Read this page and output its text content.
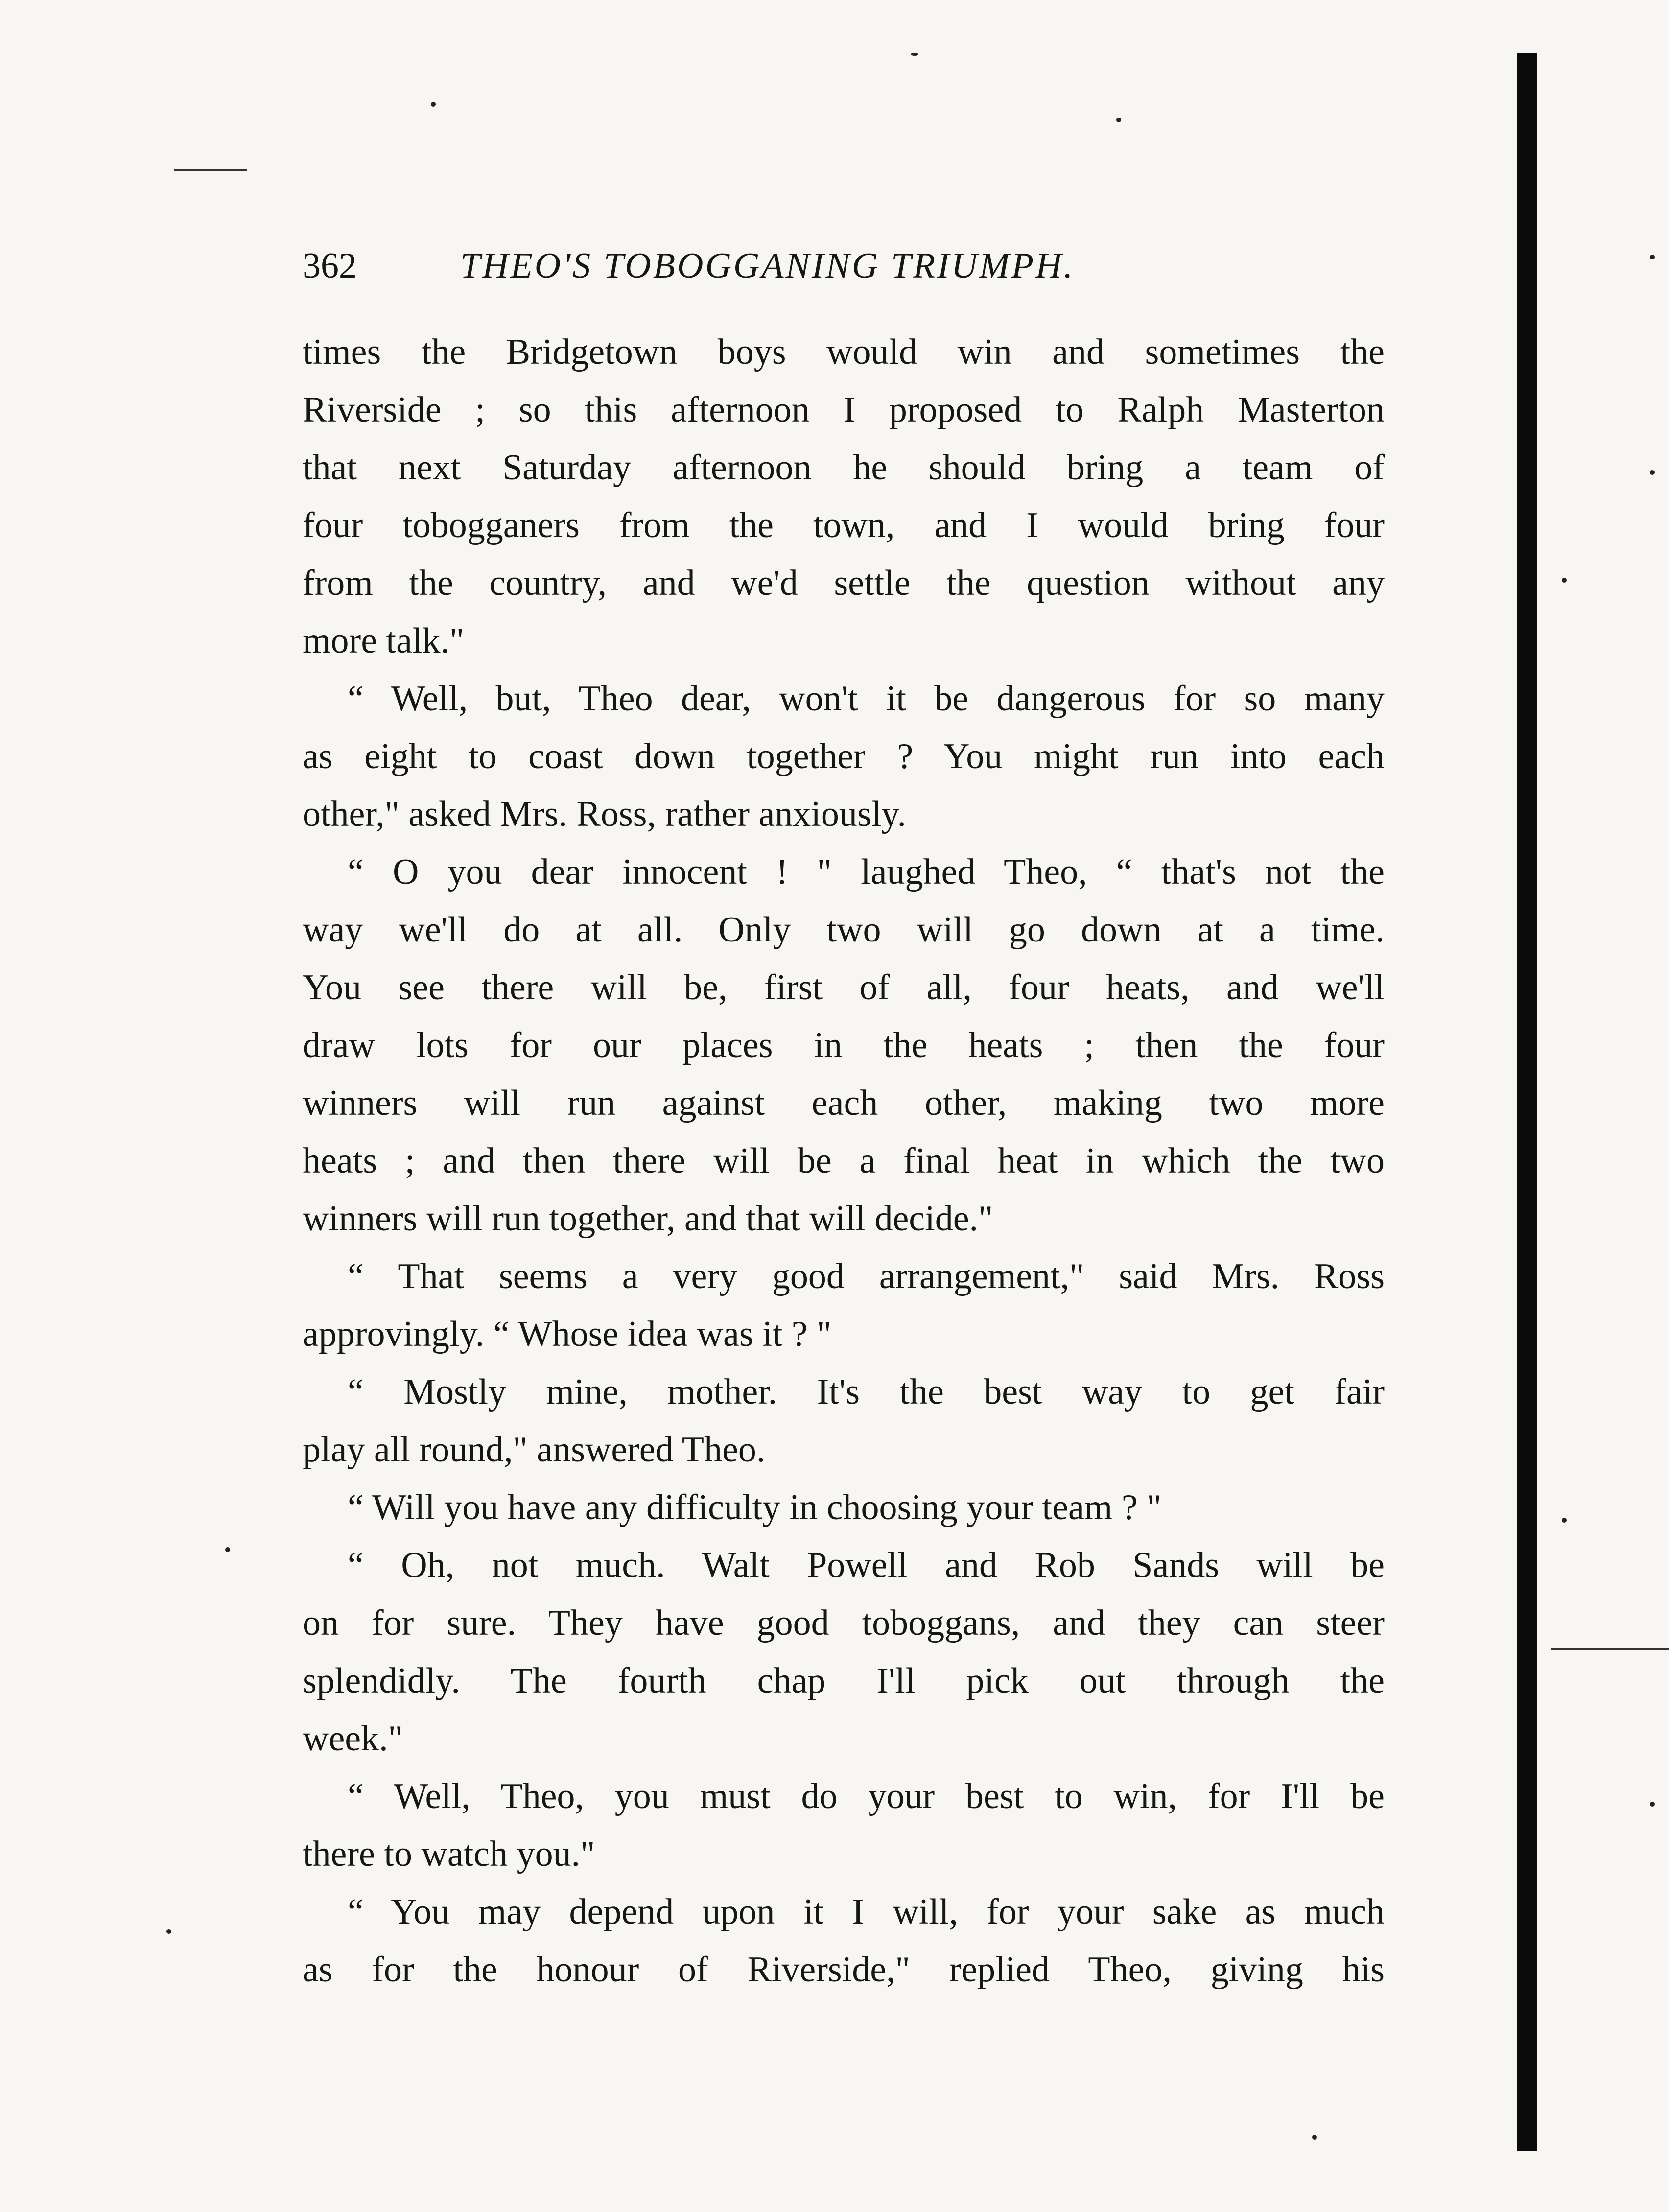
362	THEO'S TOBOGGANING TRIUMPH.
times the Bridgetown boys would win and sometimes the
Riverside ; so this afternoon I proposed to Ralph Masterton
that next Saturday afternoon he should bring a team of
four tobogganers from the town, and I would bring four
from the country, and we'd settle the question without any
more talk."
“ Well, but, Theo dear, won't it be dangerous for so many
as eight to coast down together ? You might run into each
other," asked Mrs. Ross, rather anxiously.
“ O you dear innocent ! " laughed Theo, “ that's not the
way we'll do at all. Only two will go down at a time.
You see there will be, first of all, four heats, and we'll
draw lots for our places in the heats ; then the four
winners will run against each other, making two more
heats ; and then there will be a final heat in which the two
winners will run together, and that will decide."
“ That seems a very good arrangement," said Mrs. Ross
approvingly. “ Whose idea was it ? "
“ Mostly mine, mother. It's the best way to get fair
play all round," answered Theo.
“ Will you have any difficulty in choosing your team ? "
“ Oh, not much. Walt Powell and Rob Sands will be
on for sure. They have good toboggans, and they can steer
splendidly. The fourth chap I'll pick out through the
week."
“ Well, Theo, you must do your best to win, for I'll be
there to watch you."
“ You may depend upon it I will, for your sake as much
as for the honour of Riverside," replied Theo, giving his
